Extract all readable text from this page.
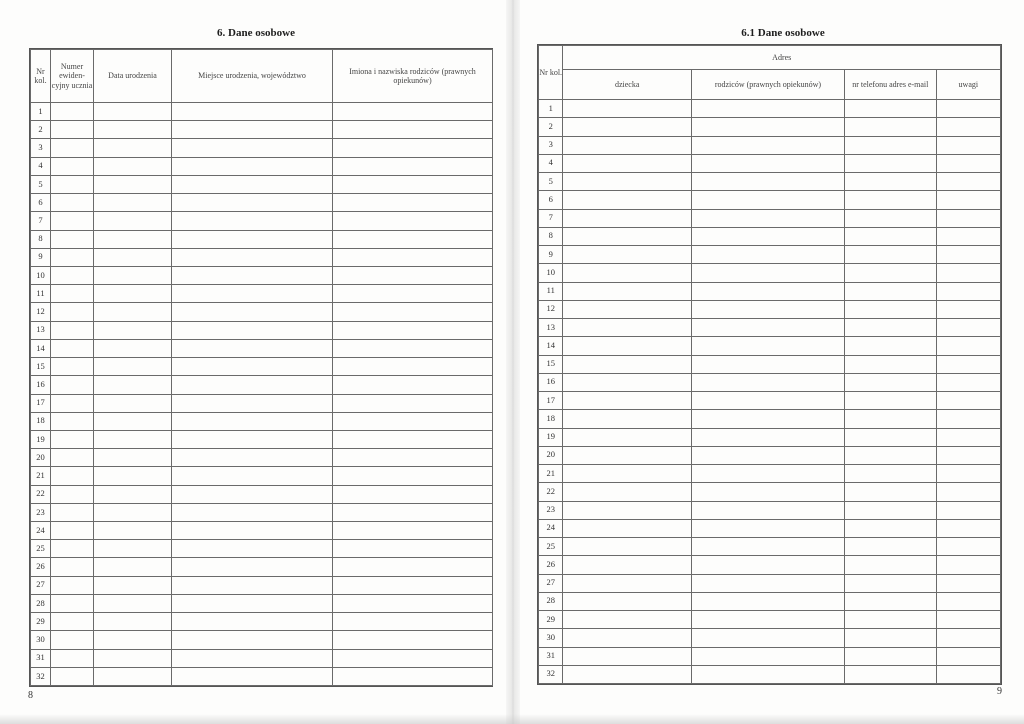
6. Dane osobowe
Nr kol.	Numer ewiden-cyjny ucznia	Data urodzenia	Miejsce urodzenia, województwo	Imiona i nazwiska rodziców (prawnych opiekunów)
1				
2				
3				
4				
5				
6				
7				
8				
9				
10				
11				
12				
13				
14				
15				
16				
17				
18				
19				
20				
21				
22				
23				
24				
25				
26				
27				
28				
29				
30				
31				
32				
8
6.1 Dane osobowe
Nr kol.	Adres			
	dziecka	rodziców (prawnych opiekunów)	nr telefonu adres e-mail	uwagi
1				
2				
3				
4				
5				
6				
7				
8				
9				
10				
11				
12				
13				
14				
15				
16				
17				
18				
19				
20				
21				
22				
23				
24				
25				
26				
27				
28				
29				
30				
31				
32				
9
